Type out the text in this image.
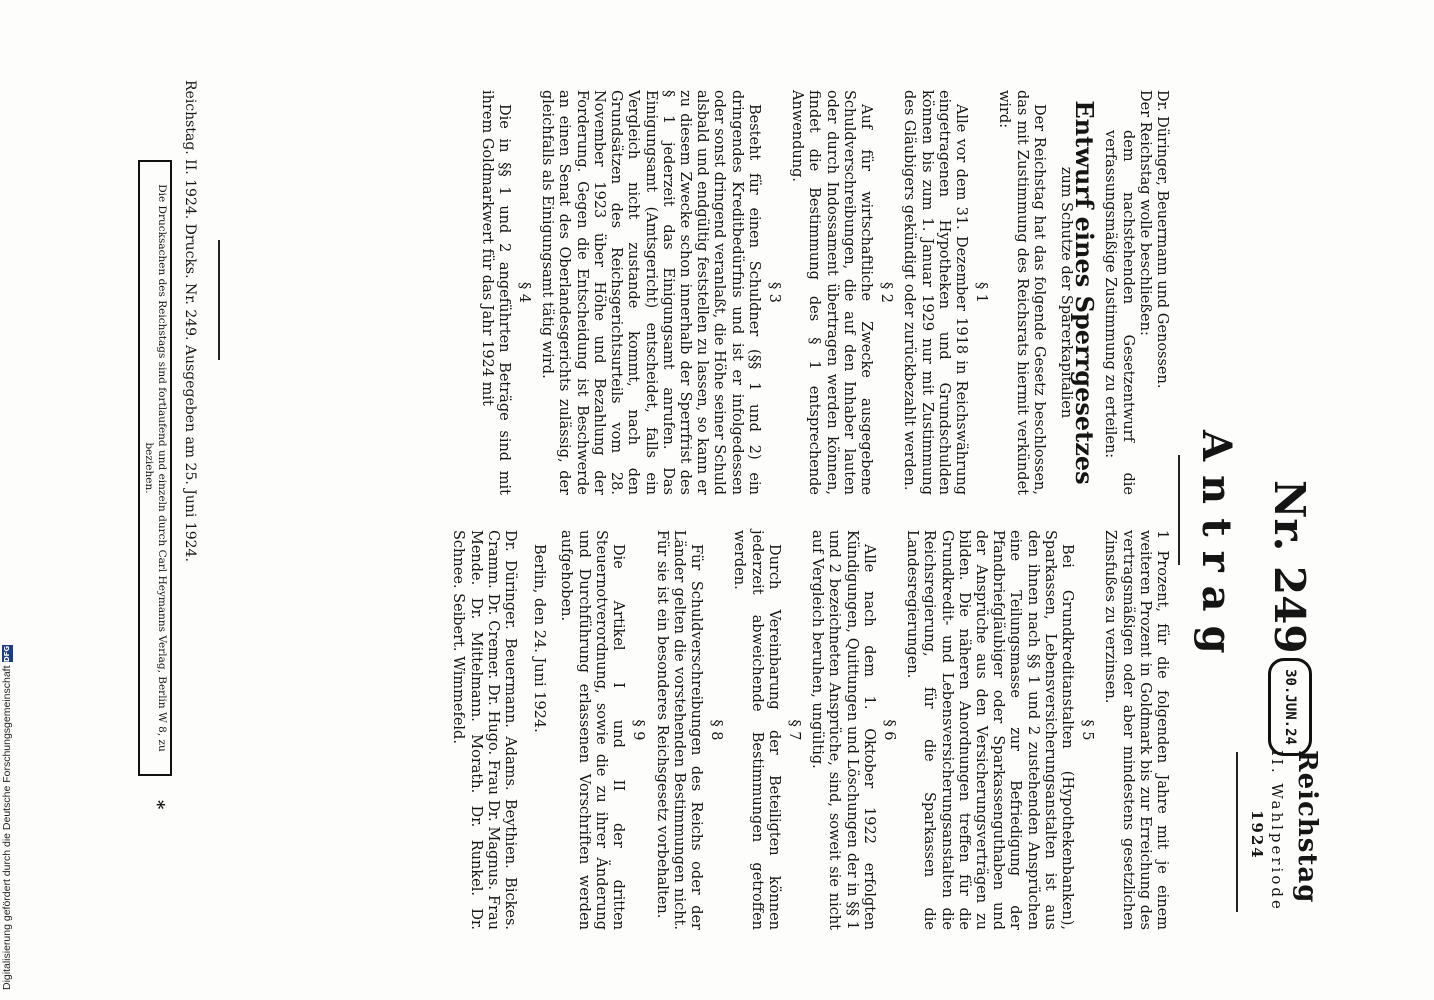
Reichstag
II. Wahlperiode
1924
30.JUN.24
Nr. 249
Antrag

Dr. Düringer, Beuermann und Genossen.

Der Reichstag wolle beschließen:

dem nachstehenden Gesetzentwurf die verfassungsmäßige Zustimmung zu erteilen:

Entwurf eines Sperrgesetzes
zum Schutze der Sparerkapitalien

Der Reichstag hat das folgende Gesetz beschlossen, das mit Zustimmung des Reichsrats hiermit verkündet wird:

§ 1

Alle vor dem 31. Dezember 1918 in Reichswährung eingetragenen Hypotheken und Grundschulden können bis zum 1. Januar 1929 nur mit Zustimmung des Gläubigers gekündigt oder zurückbezahlt werden.

§ 2

Auf für wirtschaftliche Zwecke ausgegebene Schuldverschreibungen, die auf den Inhaber lauten oder durch Indossament übertragen werden können, findet die Bestimmung des § 1 entsprechende Anwendung.

§ 3

Besteht für einen Schuldner (§§ 1 und 2) ein dringendes Kreditbedürfnis und ist er infolgedessen oder sonst dringend veranlaßt, die Höhe seiner Schuld alsbald und endgültig feststellen zu lassen, so kann er zu diesem Zwecke schon innerhalb der Sperrfrist des § 1 jederzeit das Einigungsamt anrufen. Das Einigungsamt (Amtsgericht) entscheidet, falls ein Vergleich nicht zustande kommt, nach den Grundsätzen des Reichsgerichtsurteils vom 28. November 1923 über Höhe und Bezahlung der Forderung. Gegen die Entscheidung ist Beschwerde an einen Senat des Oberlandesgerichts zulässig, der gleichfalls als Einigungsamt tätig wird.

§ 4

Die in §§ 1 und 2 angeführten Beträge sind mit ihrem Goldmarkwert für das Jahr 1924 mit

1 Prozent, für die folgenden Jahre mit je einem weiteren Prozent in Goldmark bis zur Erreichung des vertragsmäßigen oder aber mindestens gesetzlichen Zinsfußes zu verzinsen.

§ 5

Bei Grundkreditanstalten (Hypothekenbanken), Sparkassen, Lebensversicherungsanstalten ist aus den ihnen nach §§ 1 und 2 zustehenden Ansprüchen eine Teilungsmasse zur Befriedigung der Pfandbriefgläubiger oder Sparkassenguthaben und der Ansprüche aus den Versicherungsverträgen zu bilden. Die näheren Anordnungen treffen für die Grundkredit- und Lebensversicherungsanstalten die Reichsregierung, für die Sparkassen die Landesregierungen.

§ 6

Alle nach dem 1. Oktober 1922 erfolgten Kündigungen, Quittungen und Löschungen der in §§ 1 und 2 bezeichneten Ansprüche, sind, soweit sie nicht auf Vergleich beruhen, ungültig.

§ 7

Durch Vereinbarung der Beteiligten können jederzeit abweichende Bestimmungen getroffen werden.

§ 8

Für Schuldverschreibungen des Reichs oder der Länder gelten die vorstehenden Bestimmungen nicht. Für sie ist ein besonderes Reichsgesetz vorbehalten.

§ 9

Die Artikel I und II der dritten Steuernotverordnung, sowie die zu ihrer Änderung und Durchführung erlassenen Vorschriften werden aufgehoben.

Berlin, den 24. Juni 1924.

Dr. Düringer. Beuermann. Adams. Beythien. Bickes. Cramm. Dr. Cremer. Dr. Hugo. Frau Dr. Magnus. Frau Mende. Dr. Mittelmann. Morath. Dr. Runkel. Dr. Schnee. Seibert. Wimmefeld.

Reichstag. II. 1924. Drucks. Nr. 249. Ausgegeben am 25. Juni 1924.
Die Drucksachen des Reichstags sind fortlaufend und einzeln durch Carl Heymanns Verlag, Berlin W 8, zu beziehen.
*
Digitalisierung gefördert durch die Deutsche Forschungsgemeinschaft
DFG
